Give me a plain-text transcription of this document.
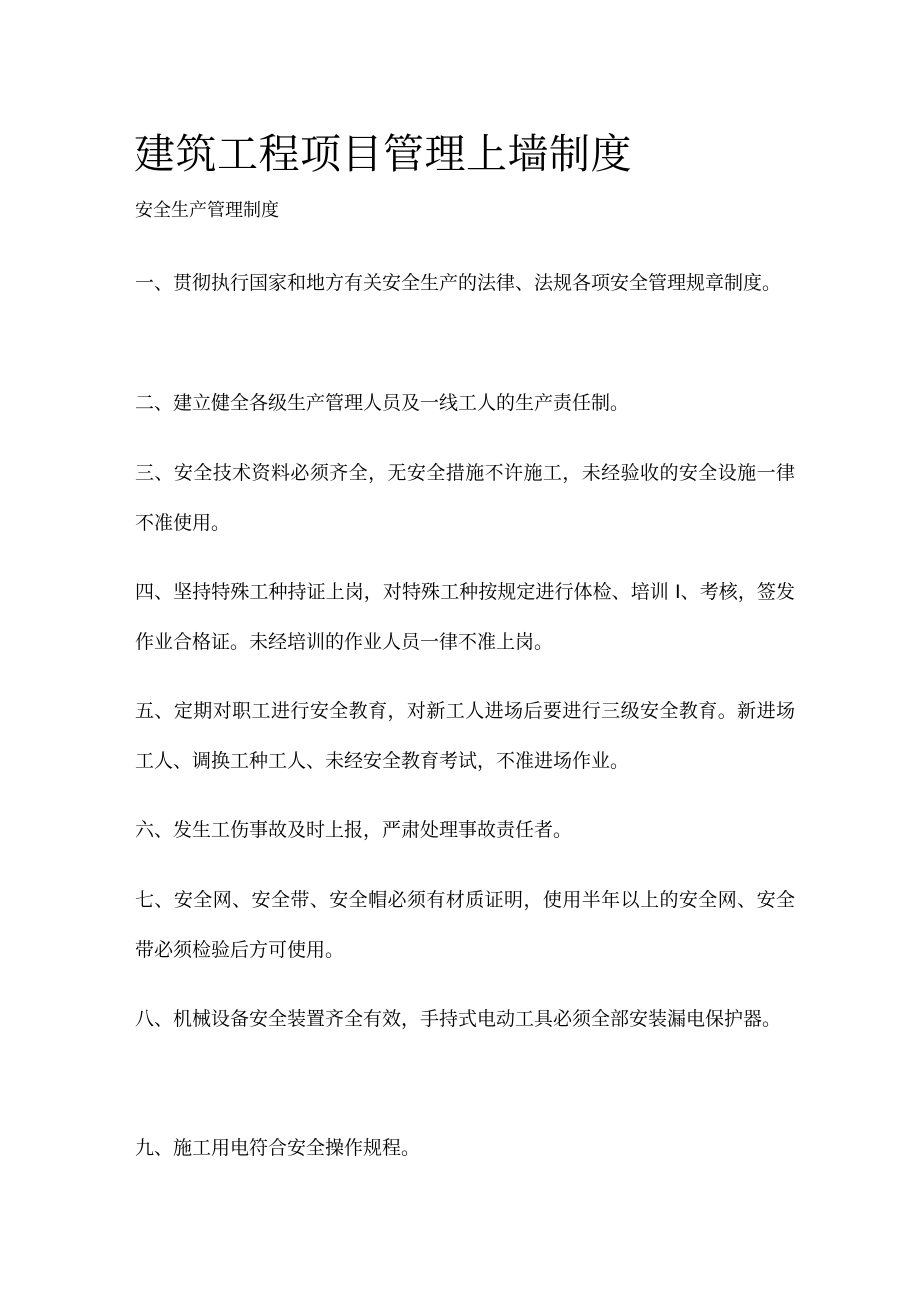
建筑工程项目管理上墙制度

安全生产管理制度

一、贯彻执行国家和地方有关安全生产的法律、法规各项安全管理规章制度。

二、建立健全各级生产管理人员及一线工人的生产责任制。

三、安全技术资料必须齐全，无安全措施不许施工，未经验收的安全设施一律不准使用。

四、坚持特殊工种持证上岗，对特殊工种按规定进行体检、培训 I、考核，签发作业合格证。未经培训的作业人员一律不准上岗。

五、定期对职工进行安全教育，对新工人进场后要进行三级安全教育。新进场工人、调换工种工人、未经安全教育考试，不准进场作业。

六、发生工伤事故及时上报，严肃处理事故责任者。

七、安全网、安全带、安全帽必须有材质证明，使用半年以上的安全网、安全带必须检验后方可使用。

八、机械设备安全装置齐全有效，手持式电动工具必须全部安装漏电保护器。

九、施工用电符合安全操作规程。
